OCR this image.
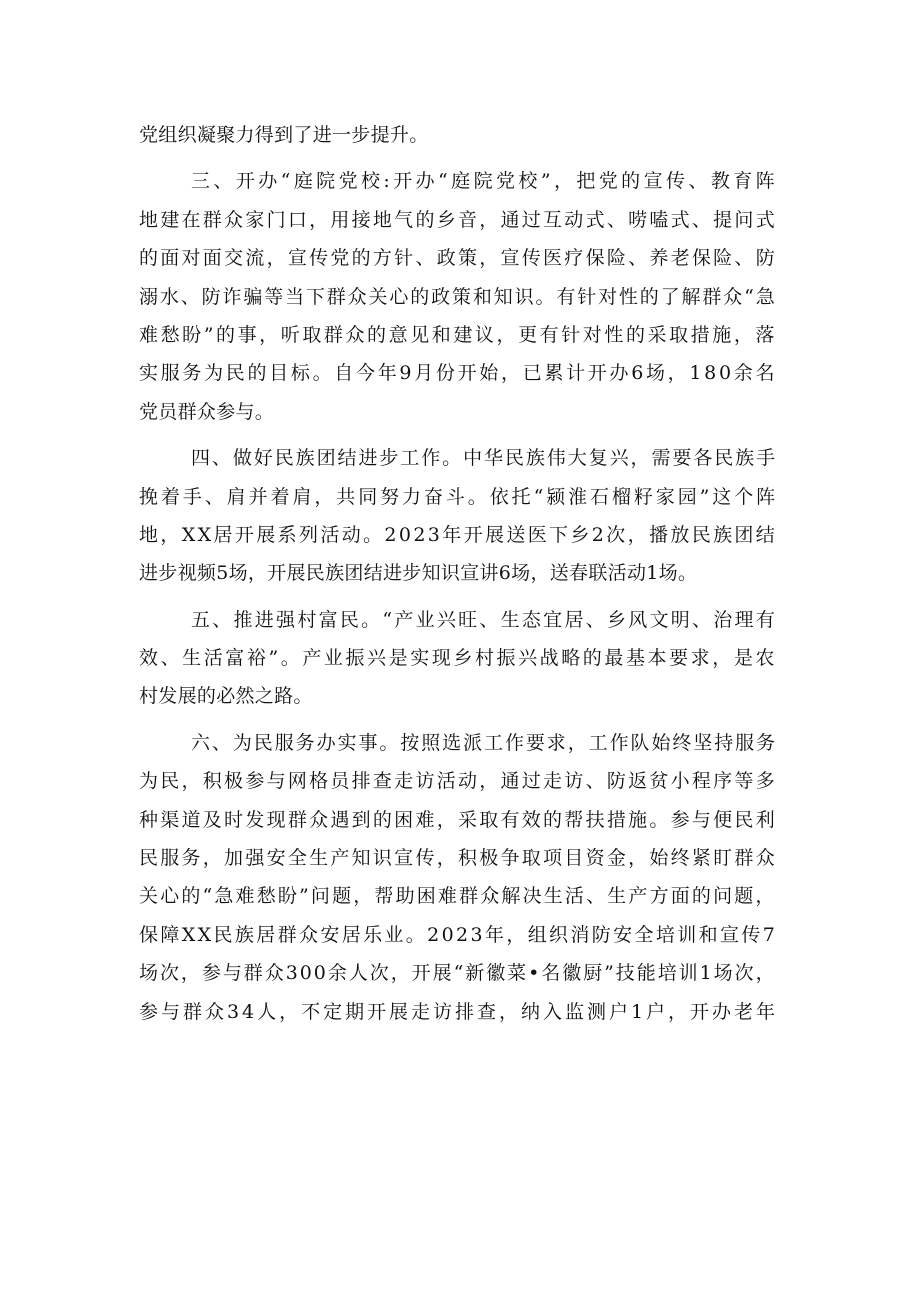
党组织凝聚力得到了进一步提升。
三、开办“庭院党校:开办“庭院党校”，把党的宣传、教育阵
地建在群众家门口，用接地气的乡音，通过互动式、唠嗑式、提问式
的面对面交流，宣传党的方针、政策，宣传医疗保险、养老保险、防
溺水、防诈骗等当下群众关心的政策和知识。有针对性的了解群众“急
难愁盼”的事，听取群众的意见和建议，更有针对性的采取措施，落
实服务为民的目标。自今年9月份开始，已累计开办6场，180余名
党员群众参与。
四、做好民族团结进步工作。中华民族伟大复兴，需要各民族手
挽着手、肩并着肩，共同努力奋斗。依托“颍淮石榴籽家园”这个阵
地，XX居开展系列活动。2023年开展送医下乡2次，播放民族团结
进步视频5场，开展民族团结进步知识宣讲6场，送春联活动1场。
五、推进强村富民。“产业兴旺、生态宜居、乡风文明、治理有
效、生活富裕”。产业振兴是实现乡村振兴战略的最基本要求，是农
村发展的必然之路。
六、为民服务办实事。按照选派工作要求，工作队始终坚持服务
为民，积极参与网格员排查走访活动，通过走访、防返贫小程序等多
种渠道及时发现群众遇到的困难，采取有效的帮扶措施。参与便民利
民服务，加强安全生产知识宣传，积极争取项目资金，始终紧盯群众
关心的“急难愁盼”问题，帮助困难群众解决生活、生产方面的问题，
保障XX民族居群众安居乐业。2023年，组织消防安全培训和宣传7
场次，参与群众300余人次，开展“新徽菜•名徽厨”技能培训1场次，
参与群众34人，不定期开展走访排查，纳入监测户1户，开办老年
